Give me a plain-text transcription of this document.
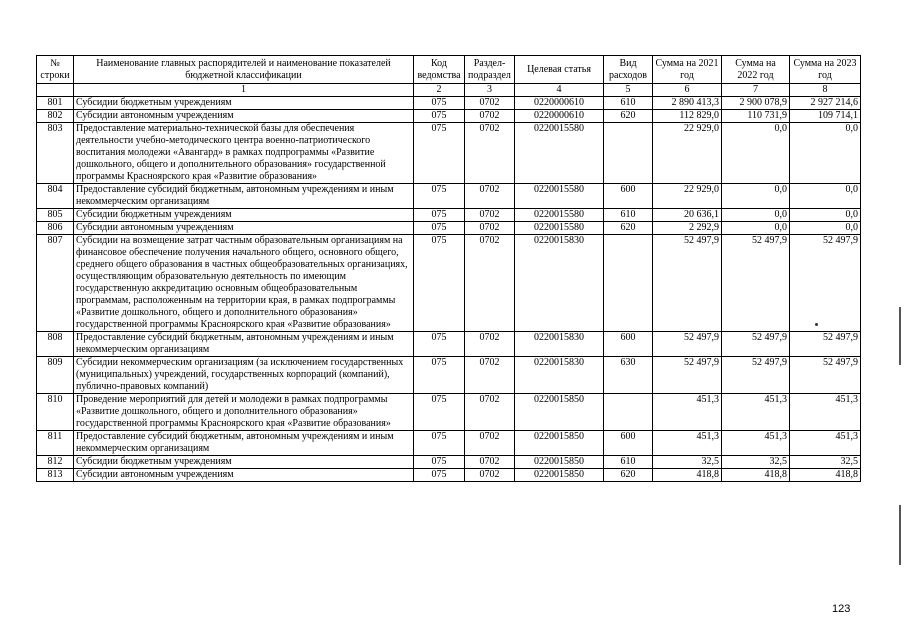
№ строки	Наименование главных распорядителей и наименование показателей бюджетной классификации	Код ведомства	Раздел-подраздел	Целевая статья	Вид расходов	Сумма на 2021 год	Сумма на 2022 год	Сумма на 2023 год
	1	2	3	4	5	6	7	8
801	Субсидии бюджетным учреждениям	075	0702	0220000610	610	2 890 413,3	2 900 078,9	2 927 214,6
802	Субсидии автономным учреждениям	075	0702	0220000610	620	112 829,0	110 731,9	109 714,1
803	Предоставление материально-технической базы для обеспечения деятельности учебно-методического центра военно-патриотического воспитания молодежи «Авангард» в рамках подпрограммы «Развитие дошкольного, общего и дополнительного образования» государственной программы Красноярского края «Развитие образования»	075	0702	0220015580		22 929,0	0,0	0,0
804	Предоставление субсидий бюджетным, автономным учреждениям и иным некоммерческим организациям	075	0702	0220015580	600	22 929,0	0,0	0,0
805	Субсидии бюджетным учреждениям	075	0702	0220015580	610	20 636,1	0,0	0,0
806	Субсидии автономным учреждениям	075	0702	0220015580	620	2 292,9	0,0	0,0
807	Субсидии на возмещение затрат частным образовательным организациям на финансовое обеспечение получения начального общего, основного общего, среднего общего образования в частных общеобразовательных организациях, осуществляющим образовательную деятельность по имеющим государственную аккредитацию основным общеобразовательным программам, расположенным на территории края, в рамках подпрограммы «Развитие дошкольного, общего и дополнительного образования» государственной программы Красноярского края «Развитие образования»	075	0702	0220015830		52 497,9	52 497,9	52 497,9
808	Предоставление субсидий бюджетным, автономным учреждениям и иным некоммерческим организациям	075	0702	0220015830	600	52 497,9	52 497,9	52 497,9
809	Субсидии некоммерческим организациям (за исключением государственных (муниципальных) учреждений, государственных корпораций (компаний), публично-правовых компаний)	075	0702	0220015830	630	52 497,9	52 497,9	52 497,9
810	Проведение мероприятий для детей и молодежи в рамках подпрограммы «Развитие дошкольного, общего и дополнительного образования» государственной программы Красноярского края «Развитие образования»	075	0702	0220015850		451,3	451,3	451,3
811	Предоставление субсидий бюджетным, автономным учреждениям и иным некоммерческим организациям	075	0702	0220015850	600	451,3	451,3	451,3
812	Субсидии бюджетным учреждениям	075	0702	0220015850	610	32,5	32,5	32,5
813	Субсидии автономным учреждениям	075	0702	0220015850	620	418,8	418,8	418,8
123
